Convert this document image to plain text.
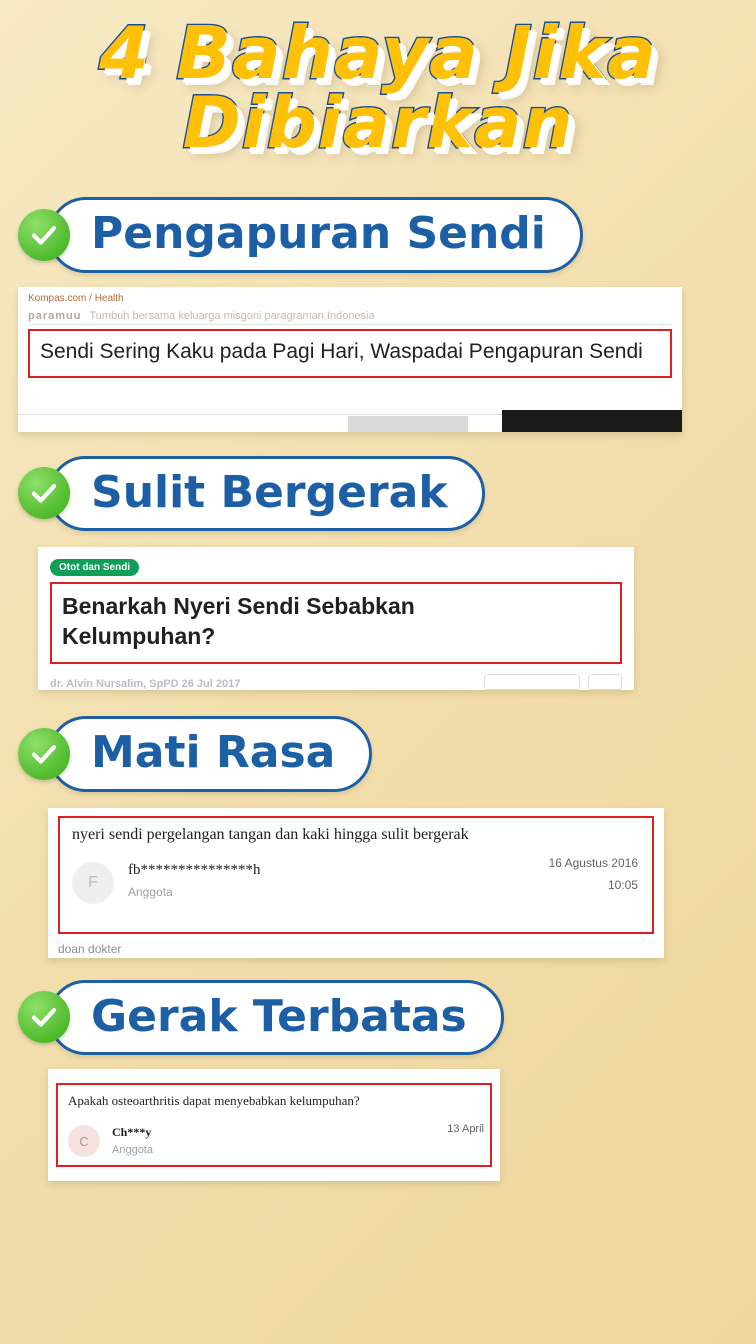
4 Bahaya Jika
Dibiarkan
Pengapuran Sendi
Kompas.com / Health
paramuu Tumbuh bersama keluarga misgoni paragraman Indonesia
Sendi Sering Kaku pada Pagi Hari, Waspadai Pengapuran Sendi
Sulit Bergerak
Otot dan Sendi
Benarkah Nyeri Sendi Sebabkan
Kelumpuhan?
dr. Alvin Nursalim, SpPD 26 Jul 2017
Mati Rasa
nyeri sendi pergelangan tangan dan kaki hingga sulit bergerak
F
fb***************h
Anggota
16 Agustus 2016
10:05
doan dokter
Gerak Terbatas
Apakah osteoarthritis dapat menyebabkan kelumpuhan?
C
Ch***y
Anggota
13 April
